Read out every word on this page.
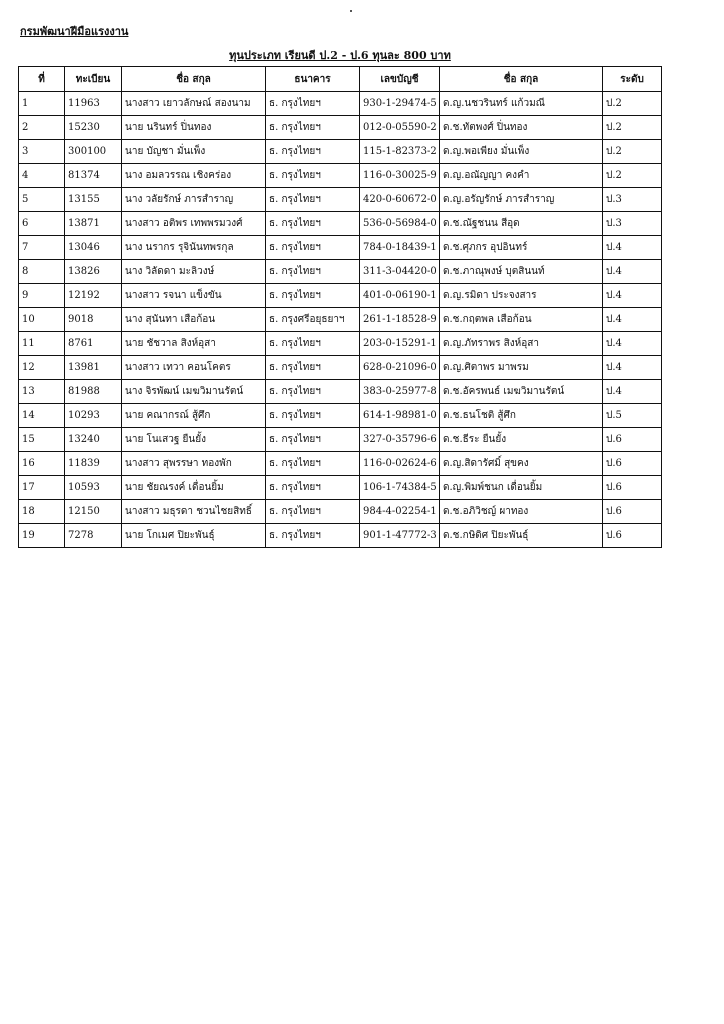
กรมพัฒนาฝีมือแรงงาน
ทุนประเภท เรียนดี ป.2 - ป.6 ทุนละ 800 บาท
ที่	ทะเบียน	ชื่อ สกุล	ธนาคาร	เลขบัญชี	ชื่อ สกุล	ระดับ
1	11963	นางสาว เยาวลักษณ์ สองนาม	ธ. กรุงไทยฯ	930-1-29474-5	ด.ญ.นชวรินทร์ แก้วมณี	ป.2
2	15230	นาย นรินทร์ ปิ่นทอง	ธ. กรุงไทยฯ	012-0-05590-2	ด.ช.ทัตพงศ์ ปิ่นทอง	ป.2
3	300100	นาย บัญชา มั่นเพ็ง	ธ. กรุงไทยฯ	115-1-82373-2	ด.ญ.พอเพียง มั่นเพ็ง	ป.2
4	81374	นาง อมลวรรณ เชิงคร่อง	ธ. กรุงไทยฯ	116-0-30025-9	ด.ญ.อณัญญา คงคำ	ป.2
5	13155	นาง วลัยรักษ์ ภารสำราญ	ธ. กรุงไทยฯ	420-0-60672-0	ด.ญ.อรัญรักษ์ ภารสำราญ	ป.3
6	13871	นางสาว อติพร เทพพรมวงศ์	ธ. กรุงไทยฯ	536-0-56984-0	ด.ช.ณัฐชนน สีอุด	ป.3
7	13046	นาง นรากร รุจินันทพรกุล	ธ. กรุงไทยฯ	784-0-18439-1	ด.ช.ศุภกร อุปอินทร์	ป.4
8	13826	นาง วิลัดดา มะลิวงษ์	ธ. กรุงไทยฯ	311-3-04420-0	ด.ช.ภาณุพงษ์ บุตสินนท์	ป.4
9	12192	นางสาว รจนา แข็งขัน	ธ. กรุงไทยฯ	401-0-06190-1	ด.ญ.รมิดา ประจงสาร	ป.4
10	9018	นาง สุนันทา เสือก้อน	ธ. กรุงศรีอยุธยาฯ	261-1-18528-9	ด.ช.กฤตพล เสือก้อน	ป.4
11	8761	นาย ชัชวาล สิงห์อุสา	ธ. กรุงไทยฯ	203-0-15291-1	ด.ญ.ภัทราพร สิงห์อุสา	ป.4
12	13981	นางสาว เทวา คอนโคตร	ธ. กรุงไทยฯ	628-0-21096-0	ด.ญ.ศิตาพร มาพรม	ป.4
13	81988	นาง จิรพัฒน์ เมฆวิมานรัตน์	ธ. กรุงไทยฯ	383-0-25977-8	ด.ช.อัครพนธ์ เมฆวิมานรัตน์	ป.4
14	10293	นาย คณากรณ์ สู้ศึก	ธ. กรุงไทยฯ	614-1-98981-0	ด.ช.ธนโชติ สู้ศึก	ป.5
15	13240	นาย โนเสวฐ ยืนยั้ง	ธ. กรุงไทยฯ	327-0-35796-6	ด.ช.ธีระ ยืนยั้ง	ป.6
16	11839	นางสาว สุพรรษา ทองพัก	ธ. กรุงไทยฯ	116-0-02624-6	ด.ญ.สิดารัศมิ์ สุขคง	ป.6
17	10593	นาย ชัยณรงค์ เดื่อนยิ้ม	ธ. กรุงไทยฯ	106-1-74384-5	ด.ญ.พิมพ์ชนก เดื่อนยิ้ม	ป.6
18	12150	นางสาว มธุรดา ชวนไชยสิทธิ์	ธ. กรุงไทยฯ	984-4-02254-1	ด.ช.อภิวิชญ์ ผาทอง	ป.6
19	7278	นาย โกเมศ ปิยะพันธุ์	ธ. กรุงไทยฯ	901-1-47772-3	ด.ช.กษิดิศ ปิยะพันธุ์	ป.6
